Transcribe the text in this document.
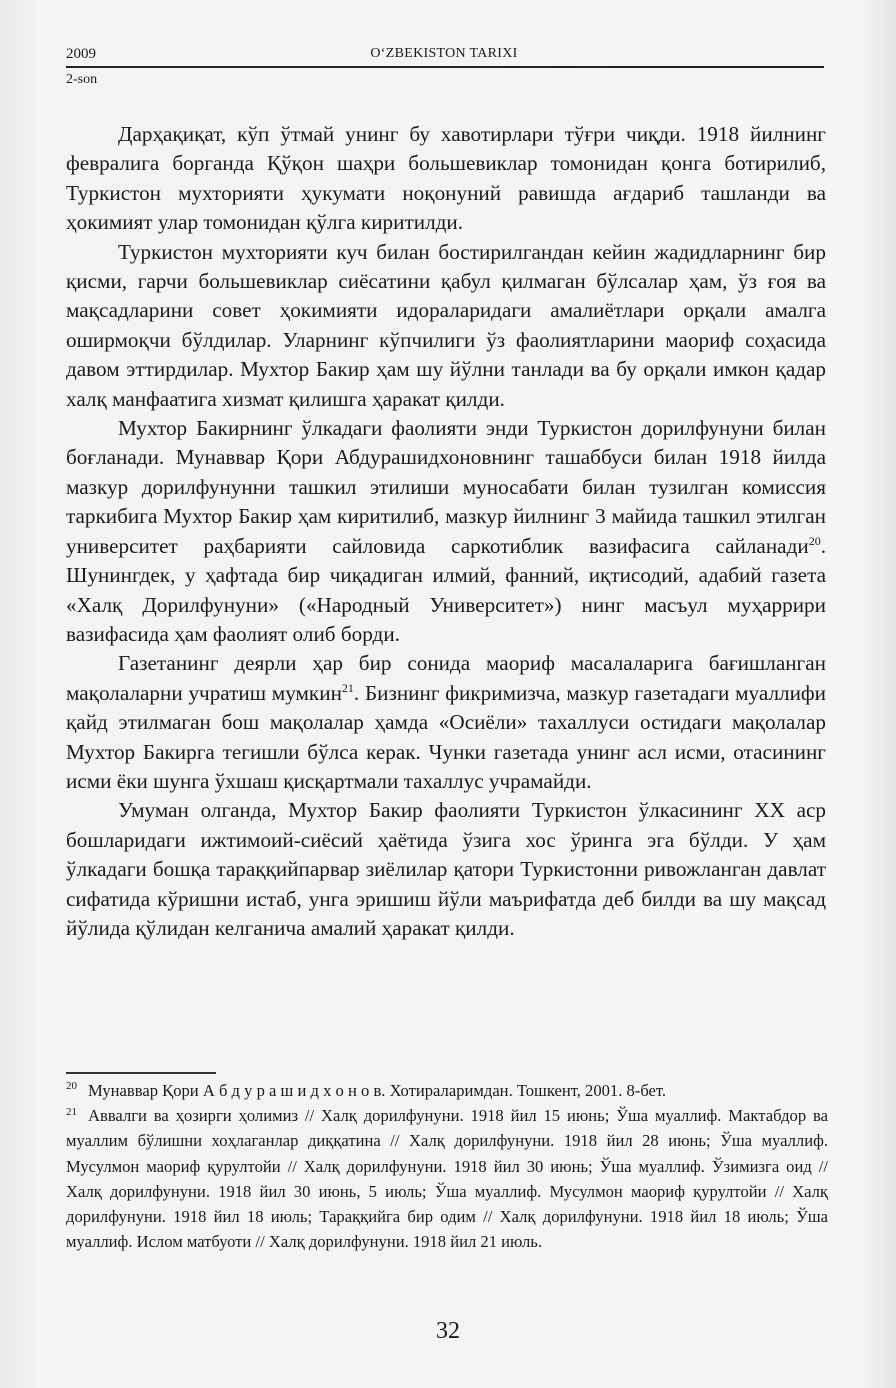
2009	O‘ZBEKISTON TARIXI
2-son

Дарҳақиқат, кўп ўтмай унинг бу хавотирлари тўғри чиқди. 1918 йилнинг февралига борганда Қўқон шаҳри большевиклар томонидан қонга ботирилиб, Туркистон мухторияти ҳукумати ноқонуний равишда ағдариб ташланди ва ҳокимият улар томонидан қўлга киритилди.

Туркистон мухторияти куч билан бостирилгандан кейин жадидларнинг бир қисми, гарчи большевиклар сиёсатини қабул қилмаган бўлсалар ҳам, ўз ғоя ва мақсадларини совет ҳокимияти идораларидаги амалиётлари орқали амалга оширмоқчи бўлдилар. Уларнинг кўпчилиги ўз фаолиятларини маориф соҳасида давом эттирдилар. Мухтор Бакир ҳам шу йўлни танлади ва бу орқали имкон қадар халқ манфаатига хизмат қилишга ҳаракат қилди.

Мухтор Бакирнинг ўлкадаги фаолияти энди Туркистон дорилфунуни билан боғланади. Мунаввар Қори Абдурашидхоновнинг ташаббуси билан 1918 йилда мазкур дорилфунунни ташкил этилиши муносабати билан тузилган комиссия таркибига Мухтор Бакир ҳам киритилиб, мазкур йилнинг 3 майида ташкил этилган университет раҳбарияти сайловида саркотиблик вазифасига сайланади$^{20}$. Шунингдек, у ҳафтада бир чиқадиган илмий, фанний, иқтисодий, адабий газета «Халқ Дорилфунуни» («Народный Университет») нинг масъул муҳаррири вазифасида ҳам фаолият олиб борди.

Газетанинг деярли ҳар бир сонида маориф масалаларига бағишланган мақолаларни учратиш мумкин$^{21}$. Бизнинг фикримизча, мазкур газетадаги муаллифи қайд этилмаган бош мақолалар ҳамда «Осиёли» тахаллуси остидаги мақолалар Мухтор Бакирга тегишли бўлса керак. Чунки газетада унинг асл исми, отасининг исми ёки шунга ўхшаш қисқартмали тахаллус учрамайди.

Умуман олганда, Мухтор Бакир фаолияти Туркистон ўлкасининг XX аср бошларидаги ижтимоий-сиёсий ҳаётида ўзига хос ўринга эга бўлди. У ҳам ўлкадаги бошқа тараққийпарвар зиёлилар қатори Туркистонни ривожланган давлат сифатида кўришни истаб, унга эришиш йўли маърифатда деб билди ва шу мақсад йўлида қўлидан келганича амалий ҳаракат қилди.

20 Мунаввар Қори А б д у р а ш и д х о н о в. Хотираларимдан. Тошкент, 2001. 8-бет.

21 Аввалги ва ҳозирги ҳолимиз // Халқ дорилфунуни. 1918 йил 15 июнь; Ўша муаллиф. Мактабдор ва муаллим бўлишни хоҳлаганлар диққатина // Халқ дорилфунуни. 1918 йил 28 июнь; Ўша муаллиф. Мусулмон маориф қурултойи // Халқ дорилфунуни. 1918 йил 30 июнь; Ўша муаллиф. Ўзимизга оид // Халқ дорилфунуни. 1918 йил 30 июнь, 5 июль; Ўша муаллиф. Мусулмон маориф қурултойи // Халқ дорилфунуни. 1918 йил 18 июль; Тараққийга бир одим // Халқ дорилфунуни. 1918 йил 18 июль; Ўша муаллиф. Ислом матбуоти // Халқ дорилфунуни. 1918 йил 21 июль.

32
